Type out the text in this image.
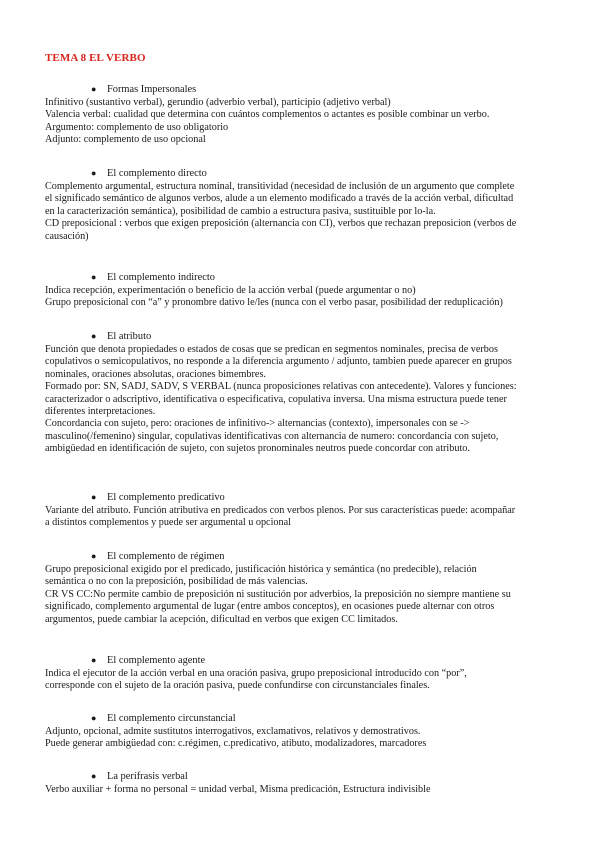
TEMA 8 EL VERBO
● Formas Impersonales
Infinitivo (sustantivo verbal), gerundio (adverbio verbal), participio (adjetivo verbal)
Valencia verbal: cualidad que determina con cuántos complementos o actantes es posible combinar un verbo.
Argumento: complemento de uso obligatorio
Adjunto: complemento de uso opcional
● El complemento directo
Complemento argumental, estructura nominal, transitividad (necesidad de inclusión de un argumento que complete
el significado semántico de algunos verbos, alude a un elemento modificado a través de la acción verbal, dificultad
en la caracterización semántica), posibilidad de cambio a estructura pasiva, sustituible por lo-la.
CD preposicional : verbos que exigen preposición (alternancia con CI), verbos que rechazan preposicion (verbos de
causación)
● El complemento indirecto
Indica recepción, experimentación o beneficio de la acción verbal (puede argumentar o no)
Grupo preposicional con “a” y pronombre dativo le/les (nunca con el verbo pasar, posibilidad der reduplicación)
● El atributo
Función que denota propiedades o estados de cosas que se predican en segmentos nominales, precisa de verbos
copulativos o semicopulativos, no responde a la diferencia argumento / adjunto, tambien puede aparecer en grupos
nominales, oraciones absolutas, oraciones bimembres.
Formado por: SN, SADJ, SADV, S VERBAL (nunca proposiciones relativas con antecedente). Valores y funciones:
caracterizador o adscriptivo, identificativa o especificativa, copulativa inversa. Una misma estructura puede tener
diferentes interpretaciones.
Concordancia con sujeto, pero: oraciones de infinitivo-> alternancias (contexto), impersonales con se ->
masculino(/femenino) singular, copulativas identificativas con alternancia de numero: concordancia con sujeto,
ambigüedad en identificación de sujeto, con sujetos pronominales neutros puede concordar con atributo.
● El complemento predicativo
Variante del atributo. Función atributiva en predicados con verbos plenos. Por sus características puede: acompañar
a distintos complementos y puede ser argumental u opcional
● El complemento de régimen
Grupo preposicional exigido por el predicado, justificación histórica y semántica (no predecible), relación
semántica o no con la preposición, posibilidad de más valencias.
CR VS CC:No permite cambio de preposición ni sustitución por adverbios, la preposición no siempre mantiene su
significado, complemento argumental de lugar (entre ambos conceptos), en ocasiones puede alternar con otros
argumentos, puede cambiar la acepción, dificultad en verbos que exigen CC limitados.
● El complemento agente
Indica el ejecutor de la acción verbal en una oración pasiva, grupo preposicional introducido con “por”,
corresponde con el sujeto de la oración pasiva, puede confundirse con circunstanciales finales.
● El complemento circunstancial
Adjunto, opcional, admite sustitutos interrogativos, exclamativos, relativos y demostrativos.
Puede generar ambigüedad con: c.régimen, c.predicativo, atibuto, modalizadores, marcadores
● La perífrasis verbal
Verbo auxiliar + forma no personal = unidad verbal, Misma predicación, Estructura indivisible
